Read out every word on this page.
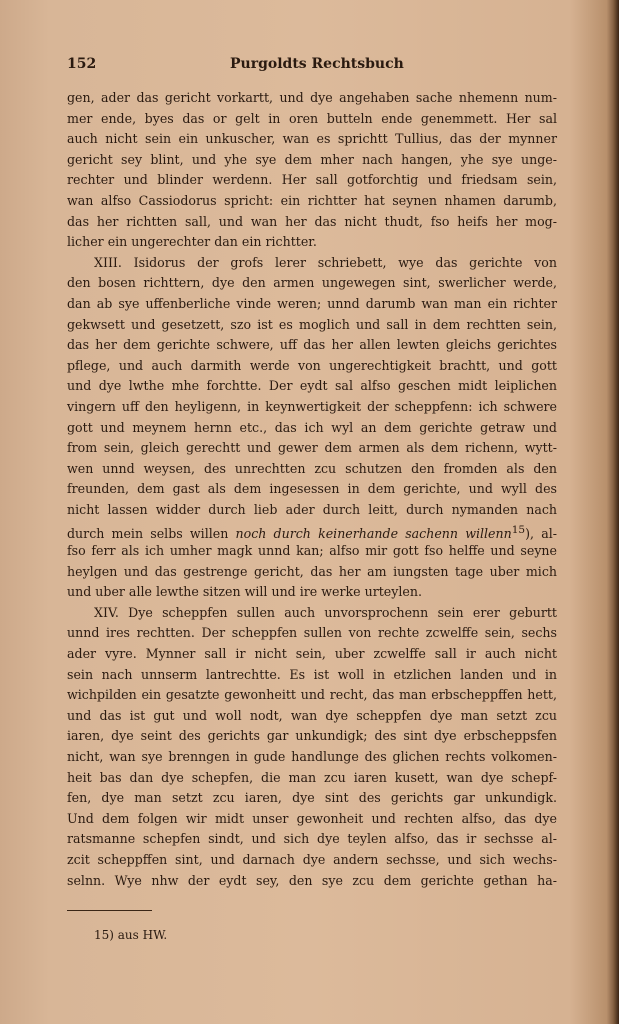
152	Purgoldts Rechtsbuch
gen, ader das gericht vorkartt, und dye angehaben sache nhemenn num-
mer ende, byes das or gelt in oren butteln ende genemmett. Her sal
auch nicht sein ein unkuscher, wan es sprichtt Tullius, das der mynner
gericht sey blint, und yhe sye dem mher nach hangen, yhe sye unge-
rechter und blinder werdenn. Her sall gotforchtig und friedsam sein,
wan alfso Cassiodorus spricht: ein richtter hat seynen nhamen darumb,
das her richtten sall, und wan her das nicht thudt, fso heifs her mog-
licher ein ungerechter dan ein richtter.
XIII. Isidorus der grofs lerer schriebett, wye das gerichte von
den bosen richttern, dye den armen ungewegen sint, swerlicher werde,
dan ab sye uffenberliche vinde weren; unnd darumb wan man ein richter
gekwsett und gesetzett, szo ist es moglich und sall in dem rechtten sein,
das her dem gerichte schwere, uff das her allen lewten gleichs gerichtes
pflege, und auch darmith werde von ungerechtigkeit brachtt, und gott
und dye lwthe mhe forchtte. Der eydt sal alfso geschen midt leiplichen
vingern uff den heyligenn, in keynwertigkeit der scheppfenn: ich schwere
gott und meynem hernn etc., das ich wyl an dem gerichte getraw und
from sein, gleich gerechtt und gewer dem armen als dem richenn, wytt-
wen unnd weysen, des unrechtten zcu schutzen den fromden als den
freunden, dem gast als dem ingesessen in dem gerichte, und wyll des
nicht lassen widder durch lieb ader durch leitt, durch nymanden nach
durch mein selbs willen noch durch keinerhande sachenn willenn$^{15}$), al-
fso ferr als ich umher magk unnd kan; alfso mir gott fso helffe und seyne
heylgen und das gestrenge gericht, das her am iungsten tage uber mich
und uber alle lewthe sitzen will und ire werke urteylen.
XIV. Dye scheppfen sullen auch unvorsprochenn sein erer geburtt
unnd ires rechtten. Der scheppfen sullen von rechte zcwelffe sein, sechs
ader vyre. Mynner sall ir nicht sein, uber zcwelffe sall ir auch nicht
sein nach unnserm lantrechtte. Es ist woll in etzlichen landen und in
wichpilden ein gesatzte gewonheitt und recht, das man erbscheppffen hett,
und das ist gut und woll nodt, wan dye scheppfen dye man setzt zcu
iaren, dye seint des gerichts gar unkundigk; des sint dye erbscheppsfen
nicht, wan sye brenngen in gude handlunge des glichen rechts volkomen-
heit bas dan dye schepfen, die man zcu iaren kusett, wan dye schepf-
fen, dye man setzt zcu iaren, dye sint des gerichts gar unkundigk.
Und dem folgen wir midt unser gewonheit und rechten alfso, das dye
ratsmanne schepfen sindt, und sich dye teylen alfso, das ir sechsse al-
zcit scheppffen sint, und darnach dye andern sechsse, und sich wechs-
selnn. Wye nhw der eydt sey, den sye zcu dem gerichte gethan ha-
15) aus HW.
